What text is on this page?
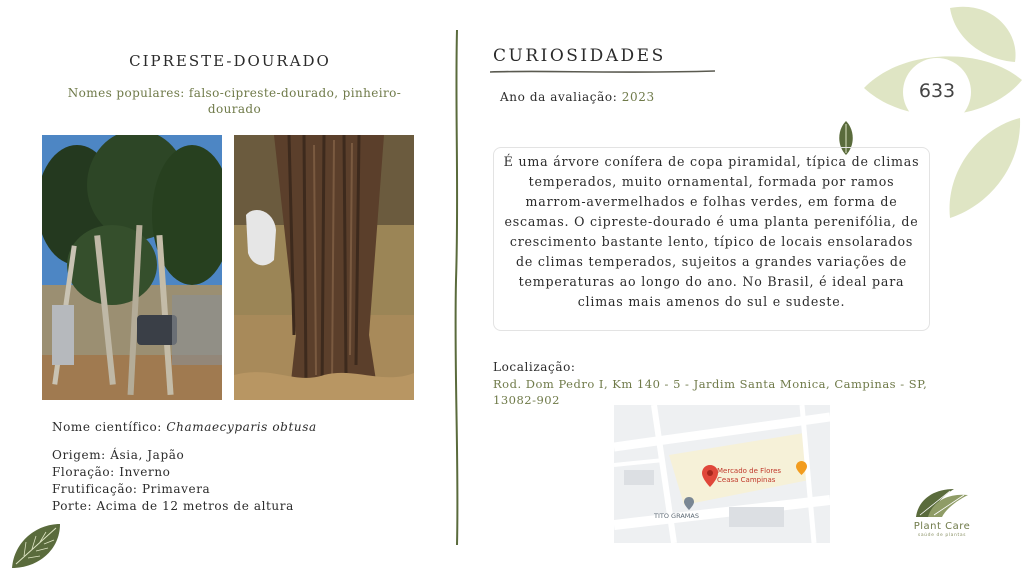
633
CIPRESTE-DOURADO
Nomes populares: falso-cipreste-dourado, pinheiro-dourado
Nome científico: Chamaecyparis obtusa
Origem: Ásia, Japão
Floração: Inverno
Frutificação: Primavera
Porte: Acima de 12 metros de altura
CURIOSIDADES
Ano da avaliação: 2023
É uma árvore conífera de copa piramidal, típica de climas temperados, muito ornamental, formada por ramos marrom-avermelhados e folhas verdes, em forma de escamas. O cipreste-dourado é uma planta perenifólia, de crescimento bastante lento, típico de locais ensolarados de climas temperados, sujeitos a grandes variações de temperaturas ao longo do ano. No Brasil, é ideal para climas mais amenos do sul e sudeste.
Localização:
Rod. Dom Pedro I, Km 140 - 5 - Jardim Santa Monica, Campinas - SP, 13082-902
Mercado de Flores
Ceasa Campinas
TITO GRAMAS
Plant Care
saúde de plantas
